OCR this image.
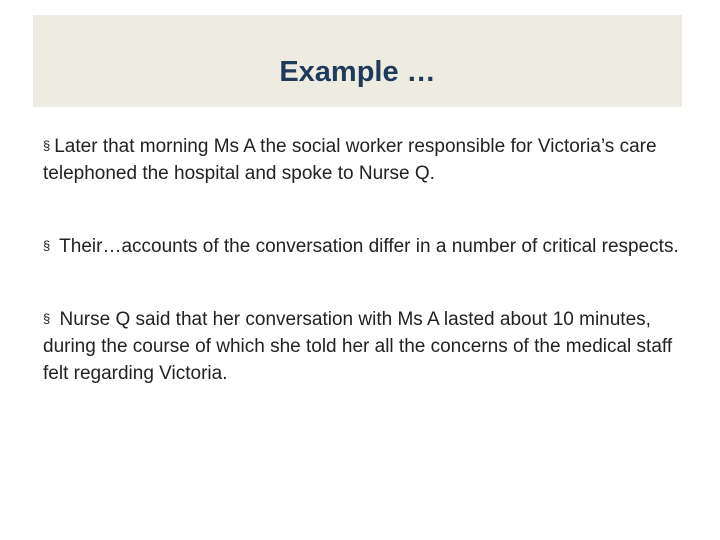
Example …

§ Later that morning Ms A the social worker responsible for Victoria’s care telephoned the hospital and spoke to Nurse Q.

§ Their…accounts of the conversation differ in a number of critical respects.

§ Nurse Q said that her conversation with Ms A lasted about 10 minutes, during the course of which she told her all the concerns of the medical staff felt regarding Victoria.
